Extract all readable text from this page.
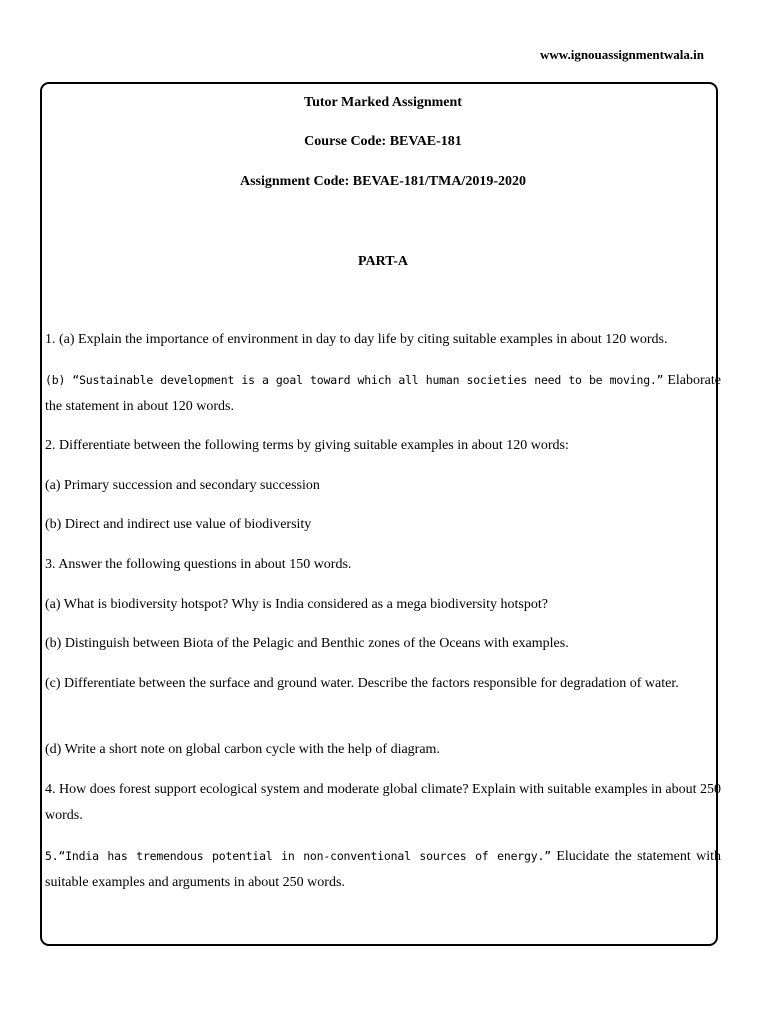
www.ignouassignmentwala.in

Tutor Marked Assignment

Course Code: BEVAE-181

Assignment Code: BEVAE-181/TMA/2019-2020

PART-A

1. (a) Explain the importance of environment in day to day life by citing suitable examples in about 120 words.

(b) “Sustainable development is a goal toward which all human societies need to be moving.” Elaborate the statement in about 120 words.

2. Differentiate between the following terms by giving suitable examples in about 120 words:

(a) Primary succession and secondary succession

(b) Direct and indirect use value of biodiversity

3. Answer the following questions in about 150 words.

(a) What is biodiversity hotspot? Why is India considered as a mega biodiversity hotspot?

(b) Distinguish between Biota of the Pelagic and Benthic zones of the Oceans with examples.

(c) Differentiate between the surface and ground water. Describe the factors responsible for degradation of water.

(d) Write a short note on global carbon cycle with the help of diagram.

4. How does forest support ecological system and moderate global climate? Explain with suitable examples in about 250 words.

5.“India has tremendous potential in non-conventional sources of energy.” Elucidate the statement with suitable examples and arguments in about 250 words.
